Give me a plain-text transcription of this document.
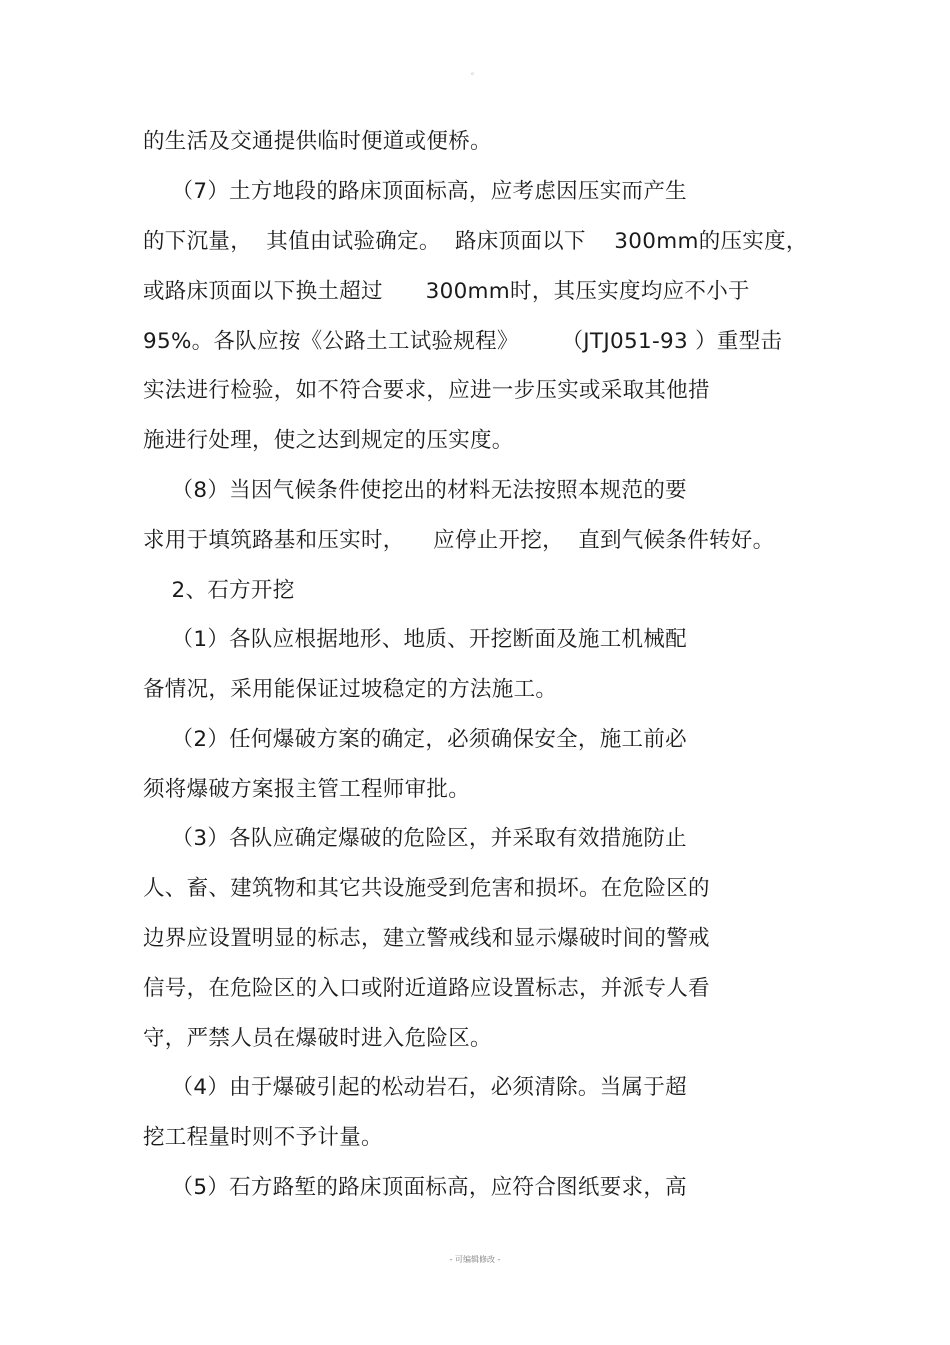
。
的生活及交通提供临时便道或便桥。
（7）土方地段的路床顶面标高，应考虑因压实而产生
的下沉量，  其值由试验确定。  路床顶面以下    300mm的压实度，
或路床顶面以下换土超过      300mm时，其压实度均应不小于
95%。各队应按《公路土工试验规程》      （JTJ051-93 ）重型击
实法进行检验，如不符合要求，应进一步压实或采取其他措
施进行处理，使之达到规定的压实度。
（8）当因气候条件使挖出的材料无法按照本规范的要
求用于填筑路基和压实时，    应停止开挖，  直到气候条件转好。
2、石方开挖
（1）各队应根据地形、地质、开挖断面及施工机械配
备情况，采用能保证过坡稳定的方法施工。
（2）任何爆破方案的确定，必须确保安全，施工前必
须将爆破方案报主管工程师审批。
（3）各队应确定爆破的危险区，并采取有效措施防止
人、畜、建筑物和其它共设施受到危害和损坏。在危险区的
边界应设置明显的标志，建立警戒线和显示爆破时间的警戒
信号，在危险区的入口或附近道路应设置标志，并派专人看
守，严禁人员在爆破时进入危险区。
（4）由于爆破引起的松动岩石，必须清除。当属于超
挖工程量时则不予计量。
（5）石方路堑的路床顶面标高，应符合图纸要求，高
- 可编辑修改 -
